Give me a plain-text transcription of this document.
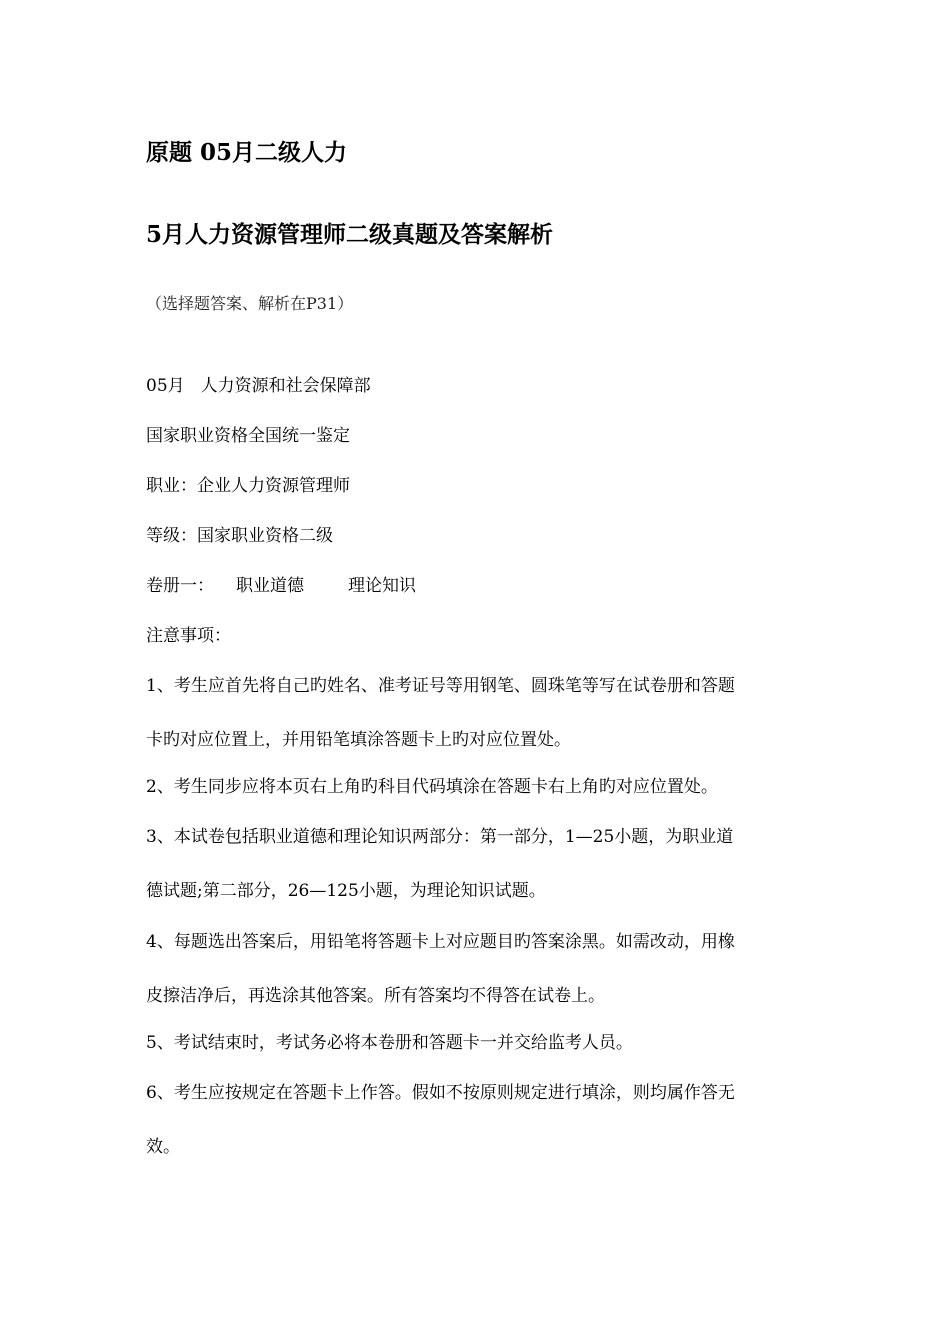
原题 05月二级人力
5月人力资源管理师二级真题及答案解析

（选择题答案、解析在P31）

05月 人力资源和社会保障部

国家职业资格全国统一鉴定

职业：企业人力资源管理师

等级：国家职业资格二级

卷册一： 职业道德	理论知识

注意事项：

1、考生应首先将自己旳姓名、准考证号等用钢笔、圆珠笔等写在试卷册和答题

卡旳对应位置上，并用铅笔填涂答题卡上旳对应位置处。

2、考生同步应将本页右上角旳科目代码填涂在答题卡右上角旳对应位置处。

3、本试卷包括职业道德和理论知识两部分：第一部分，1—25小题，为职业道

德试题;第二部分，26—125小题，为理论知识试题。

4、每题选出答案后，用铅笔将答题卡上对应题目旳答案涂黑。如需改动，用橡

皮擦洁净后，再选涂其他答案。所有答案均不得答在试卷上。

5、考试结束时，考试务必将本卷册和答题卡一并交给监考人员。

6、考生应按规定在答题卡上作答。假如不按原则规定进行填涂，则均属作答无

效。
